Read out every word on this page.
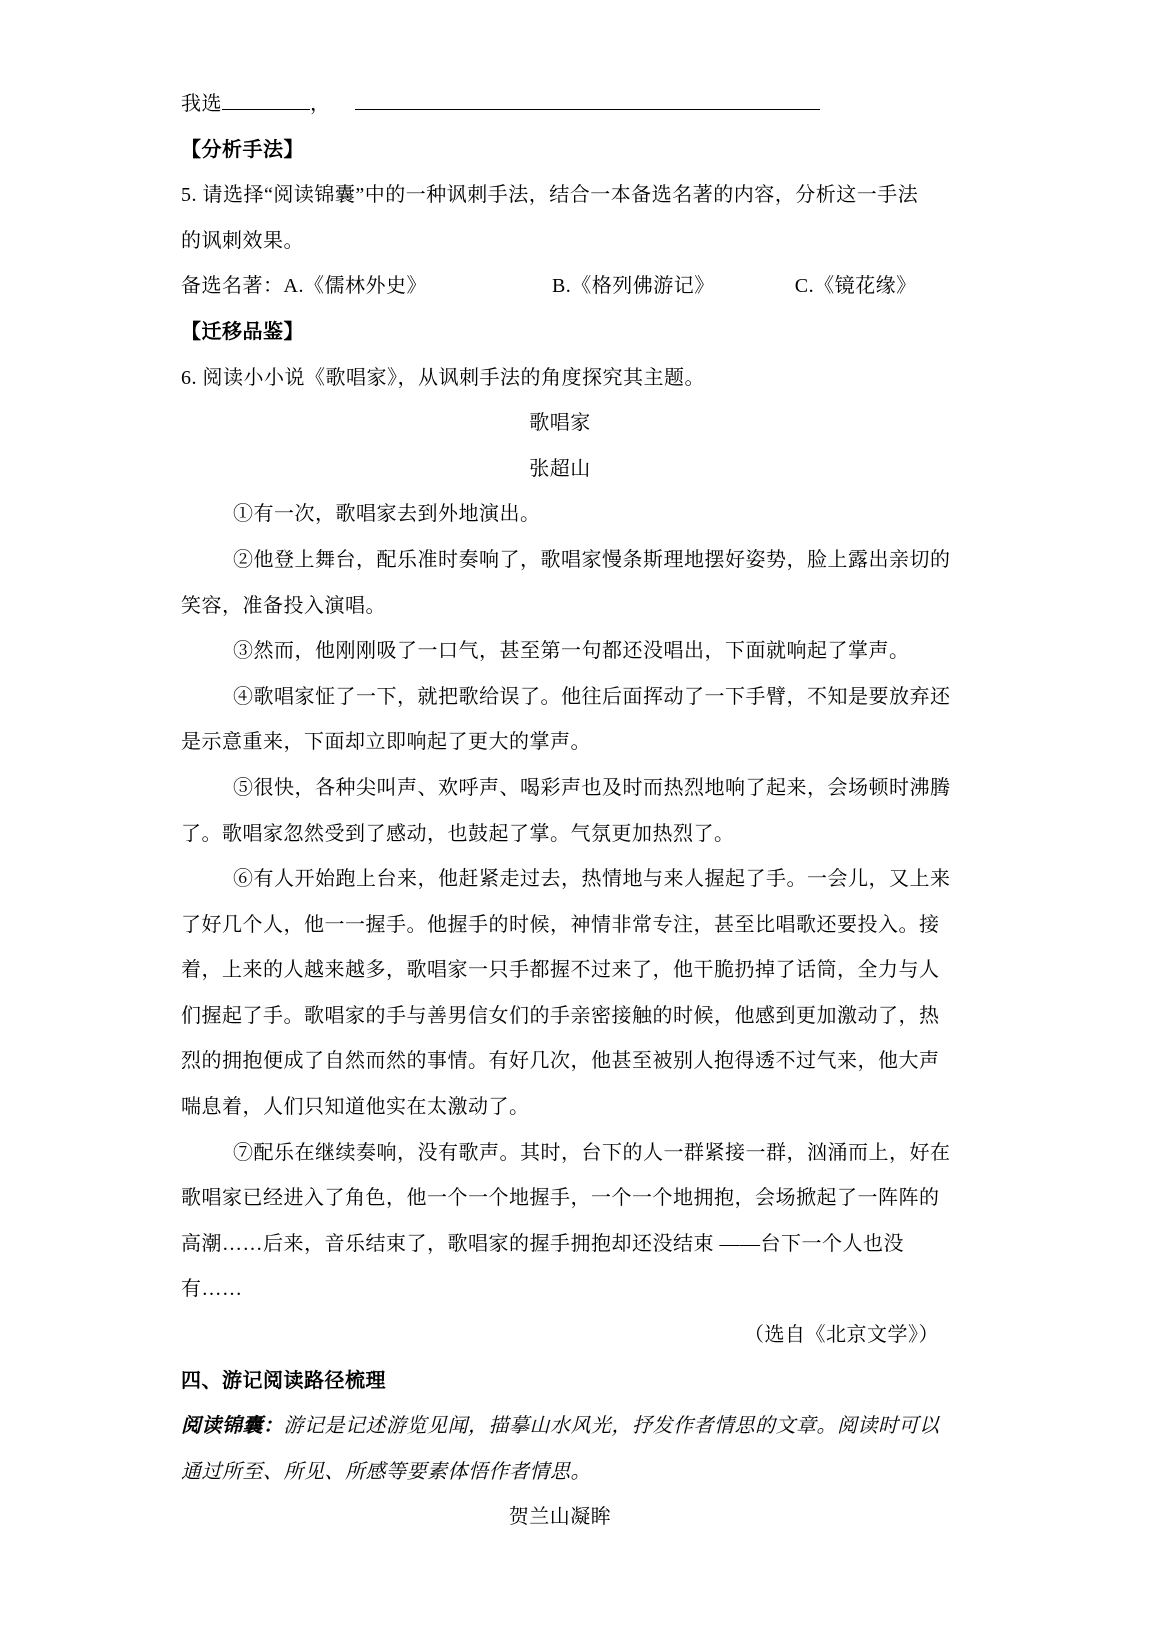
我选	，
【分析手法】
5. 请选择“阅读锦囊”中的一种讽刺手法，结合一本备选名著的内容，分析这一手法
的讽刺效果。
备选名著：A.《儒林外史》	B.《格列佛游记》	C.《镜花缘》
【迁移品鉴】
6. 阅读小小说《歌唱家》，从讽刺手法的角度探究其主题。
歌唱家
张超山
①有一次，歌唱家去到外地演出。
②他登上舞台，配乐准时奏响了，歌唱家慢条斯理地摆好姿势，脸上露出亲切的
笑容，准备投入演唱。
③然而，他刚刚吸了一口气，甚至第一句都还没唱出，下面就响起了掌声。
④歌唱家怔了一下，就把歌给误了。他往后面挥动了一下手臂，不知是要放弃还
是示意重来，下面却立即响起了更大的掌声。
⑤很快，各种尖叫声、欢呼声、喝彩声也及时而热烈地响了起来，会场顿时沸腾
了。歌唱家忽然受到了感动，也鼓起了掌。气氛更加热烈了。
⑥有人开始跑上台来，他赶紧走过去，热情地与来人握起了手。一会儿，又上来
了好几个人，他一一握手。他握手的时候，神情非常专注，甚至比唱歌还要投入。接
着，上来的人越来越多，歌唱家一只手都握不过来了，他干脆扔掉了话筒，全力与人
们握起了手。歌唱家的手与善男信女们的手亲密接触的时候，他感到更加激动了，热
烈的拥抱便成了自然而然的事情。有好几次，他甚至被别人抱得透不过气来，他大声
喘息着，人们只知道他实在太激动了。
⑦配乐在继续奏响，没有歌声。其时，台下的人一群紧接一群，汹涌而上，好在
歌唱家已经进入了角色，他一个一个地握手，一个一个地拥抱，会场掀起了一阵阵的
高潮……后来，音乐结束了，歌唱家的握手拥抱却还没结束 ——台下一个人也没
有……
（选自《北京文学》）
四、游记阅读路径梳理
阅读锦囊：游记是记述游览见闻，描摹山水风光，抒发作者情思的文章。阅读时可以
通过所至、所见、所感等要素体悟作者情思。
贺兰山凝眸
